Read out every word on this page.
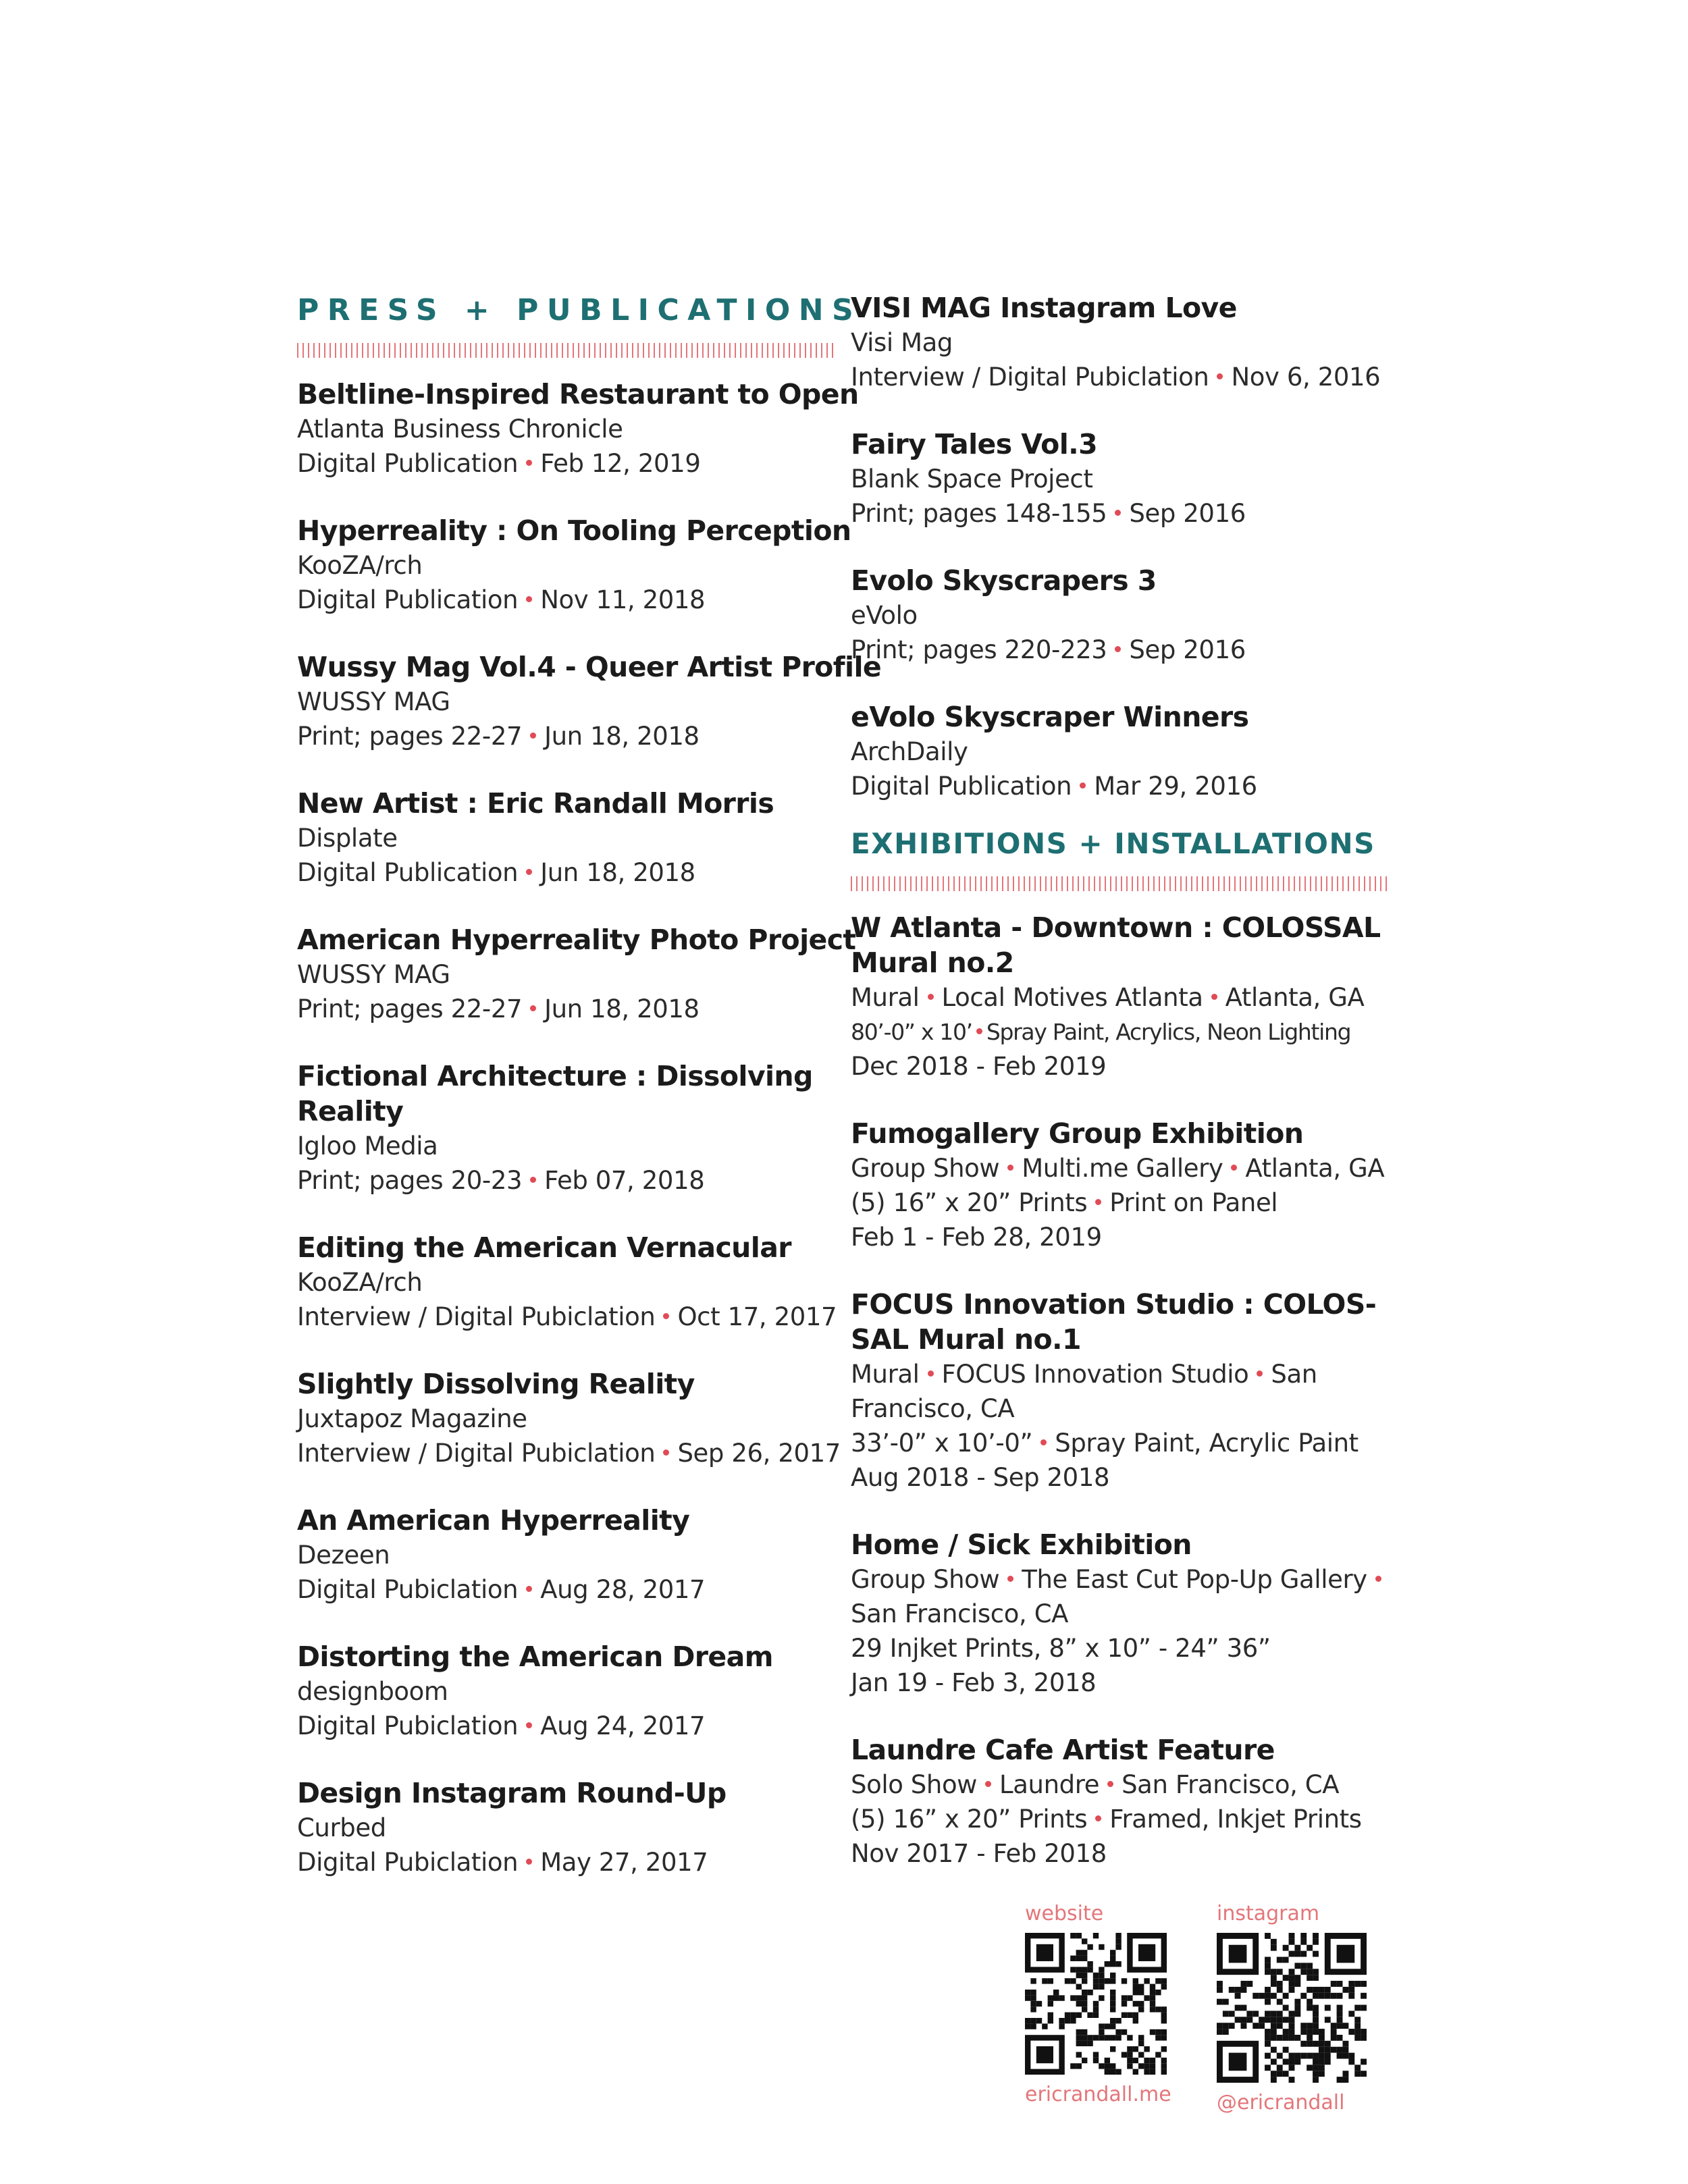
PRESS + PUBLICATIONS
Beltline-Inspired Restaurant to Open
Atlanta Business Chronicle
Digital Publication Feb 12, 2019
Hyperreality : On Tooling Perception
KooZA/rch
Digital Publication Nov 11, 2018
Wussy Mag Vol.4 - Queer Artist Profile
WUSSY MAG
Print; pages 22-27 Jun 18, 2018
New Artist : Eric Randall Morris
Displate
Digital Publication Jun 18, 2018
American Hyperreality Photo Project
WUSSY MAG
Print; pages 22-27 Jun 18, 2018
Fictional Architecture : Dissolving Reality
Igloo Media
Print; pages 20-23 Feb 07, 2018
Editing the American Vernacular
KooZA/rch
Interview / Digital Pubiclation Oct 17, 2017
Slightly Dissolving Reality
Juxtapoz Magazine
Interview / Digital Pubiclation Sep 26, 2017
An American Hyperreality
Dezeen
Digital Pubiclation Aug 28, 2017
Distorting the American Dream
designboom
Digital Pubiclation Aug 24, 2017
Design Instagram Round-Up
Curbed
Digital Pubiclation May 27, 2017
VISI MAG Instagram Love
Visi Mag
Interview / Digital Pubiclation Nov 6, 2016
Fairy Tales Vol.3
Blank Space Project
Print; pages 148-155 Sep 2016
Evolo Skyscrapers 3
eVolo
Print; pages 220-223 Sep 2016
eVolo Skyscraper Winners
ArchDaily
Digital Publication Mar 29, 2016
EXHIBITIONS + INSTALLATIONS
W Atlanta - Downtown : COLOSSAL Mural no.2
Mural Local Motives Atlanta Atlanta, GA
80’-0” x 10’ Spray Paint, Acrylics, Neon Lighting
Dec 2018 - Feb 2019
Fumogallery Group Exhibition
Group Show Multi.me Gallery Atlanta, GA
(5) 16” x 20” Prints Print on Panel
Feb 1 - Feb 28, 2019
FOCUS Innovation Studio : COLOS-SAL Mural no.1
Mural FOCUS Innovation Studio San Francisco, CA
33’-0” x 10’-0” Spray Paint, Acrylic Paint
Aug 2018 - Sep 2018
Home / Sick Exhibition
Group Show The East Cut Pop-Up GallerySan Francisco, CA
29 Injket Prints, 8” x 10” - 24” 36”
Jan 19 - Feb 3, 2018
Laundre Cafe Artist Feature
Solo Show Laundre San Francisco, CA
(5) 16” x 20” Prints Framed, Inkjet Prints
Nov 2017 - Feb 2018
website
ericrandall.me
instagram
@ericrandall
